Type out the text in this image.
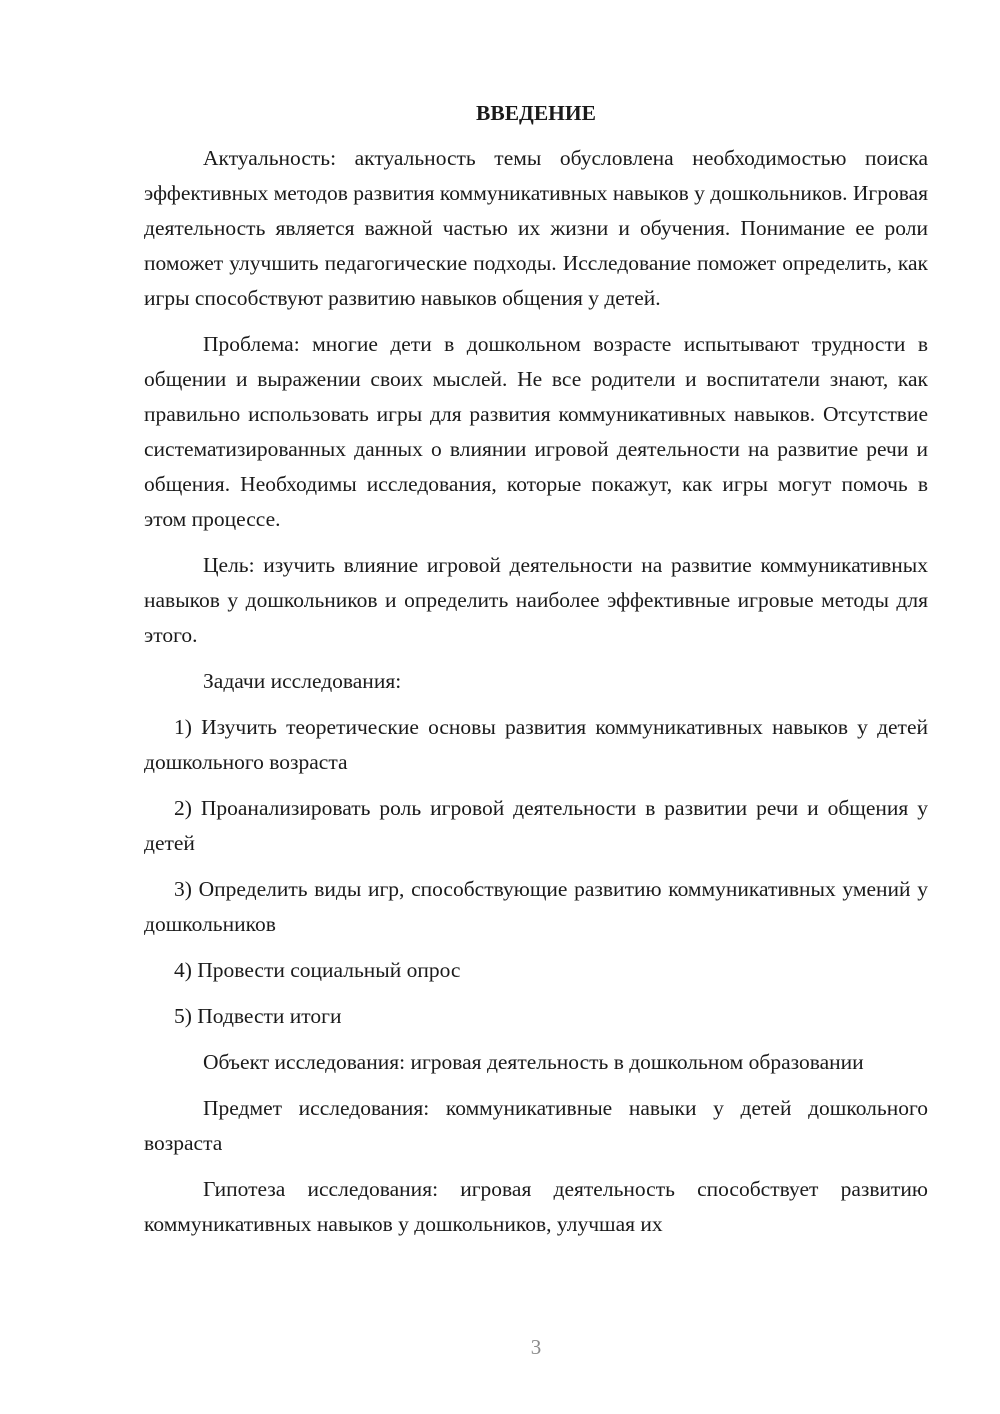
ВВЕДЕНИЕ

Актуальность: актуальность темы обусловлена необходимостью поиска эффективных методов развития коммуникативных навыков у дошкольников. Игровая деятельность является важной частью их жизни и обучения. Понимание ее роли поможет улучшить педагогические подходы. Исследование поможет определить, как игры способствуют развитию навыков общения у детей.

Проблема: многие дети в дошкольном возрасте испытывают трудности в общении и выражении своих мыслей. Не все родители и воспитатели знают, как правильно использовать игры для развития коммуникативных навыков. Отсутствие систематизированных данных о влиянии игровой деятельности на развитие речи и общения. Необходимы исследования, которые покажут, как игры могут помочь в этом процессе.

Цель: изучить влияние игровой деятельности на развитие коммуникативных навыков у дошкольников и определить наиболее эффективные игровые методы для этого.

Задачи исследования:

1) Изучить теоретические основы развития коммуникативных навыков у детей дошкольного возраста

2) Проанализировать роль игровой деятельности в развитии речи и общения у детей

3) Определить виды игр, способствующие развитию коммуникативных умений у дошкольников

4) Провести социальный опрос

5) Подвести итоги

Объект исследования: игровая деятельность в дошкольном образовании

Предмет исследования: коммуникативные навыки у детей дошкольного возраста

Гипотеза исследования: игровая деятельность способствует развитию коммуникативных навыков у дошкольников, улучшая их

3
